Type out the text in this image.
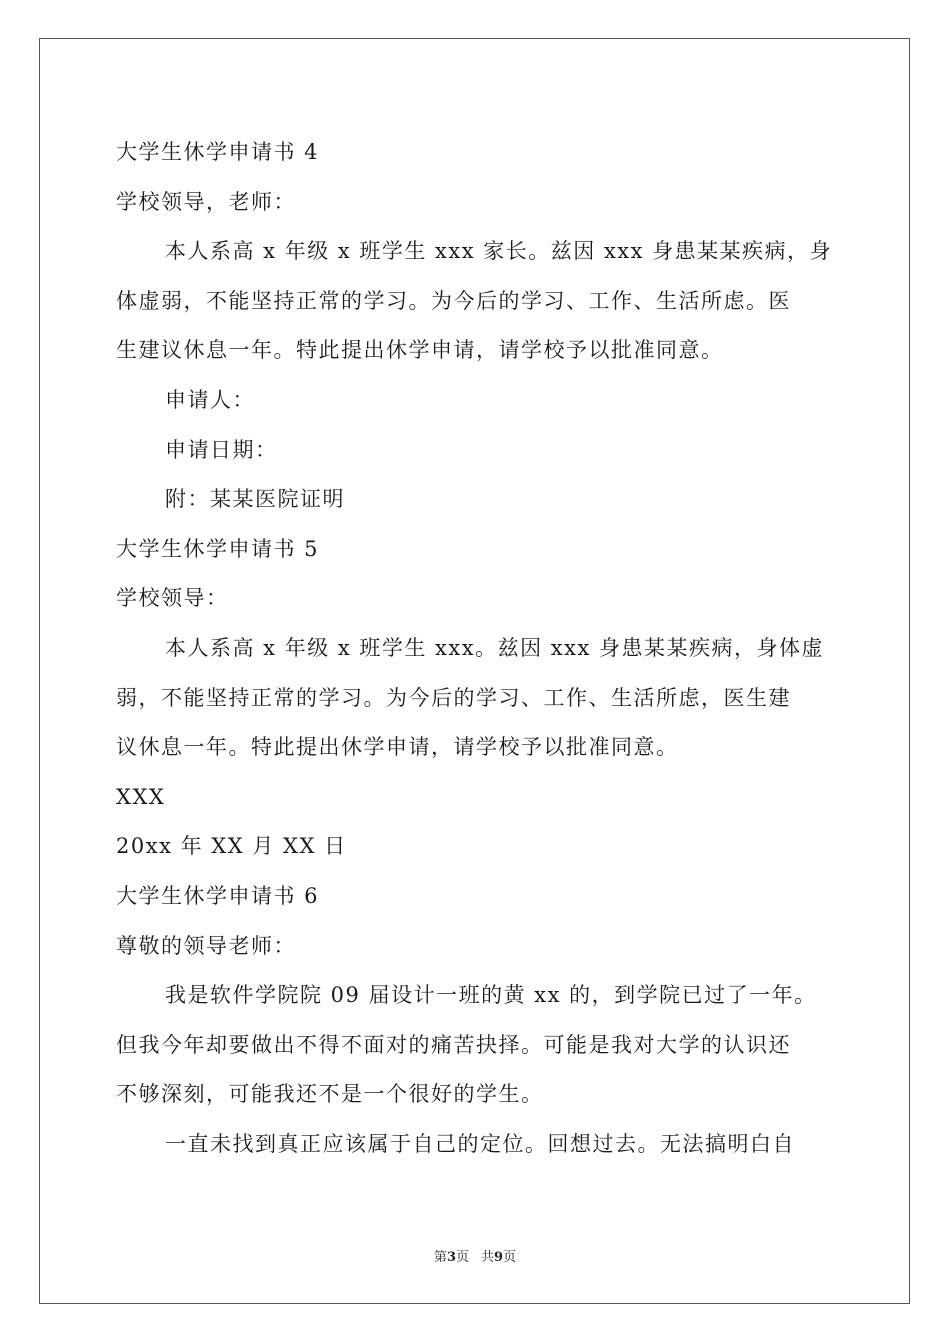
大学生休学申请书 4
学校领导，老师：
本人系高 x 年级 x 班学生 xxx 家长。兹因 xxx 身患某某疾病，身
体虚弱，不能坚持正常的学习。为今后的学习、工作、生活所虑。医
生建议休息一年。特此提出休学申请，请学校予以批准同意。
申请人：
申请日期：
附：某某医院证明
大学生休学申请书 5
学校领导：
本人系高 x 年级 x 班学生 xxx。兹因 xxx 身患某某疾病，身体虚
弱，不能坚持正常的学习。为今后的学习、工作、生活所虑，医生建
议休息一年。特此提出休学申请，请学校予以批准同意。
XXX
20xx 年 XX 月 XX 日
大学生休学申请书 6
尊敬的领导老师：
我是软件学院院 09 届设计一班的黄 xx 的，到学院已过了一年。
但我今年却要做出不得不面对的痛苦抉择。可能是我对大学的认识还
不够深刻，可能我还不是一个很好的学生。
一直未找到真正应该属于自己的定位。回想过去。无法搞明白自
第3页 共9页
